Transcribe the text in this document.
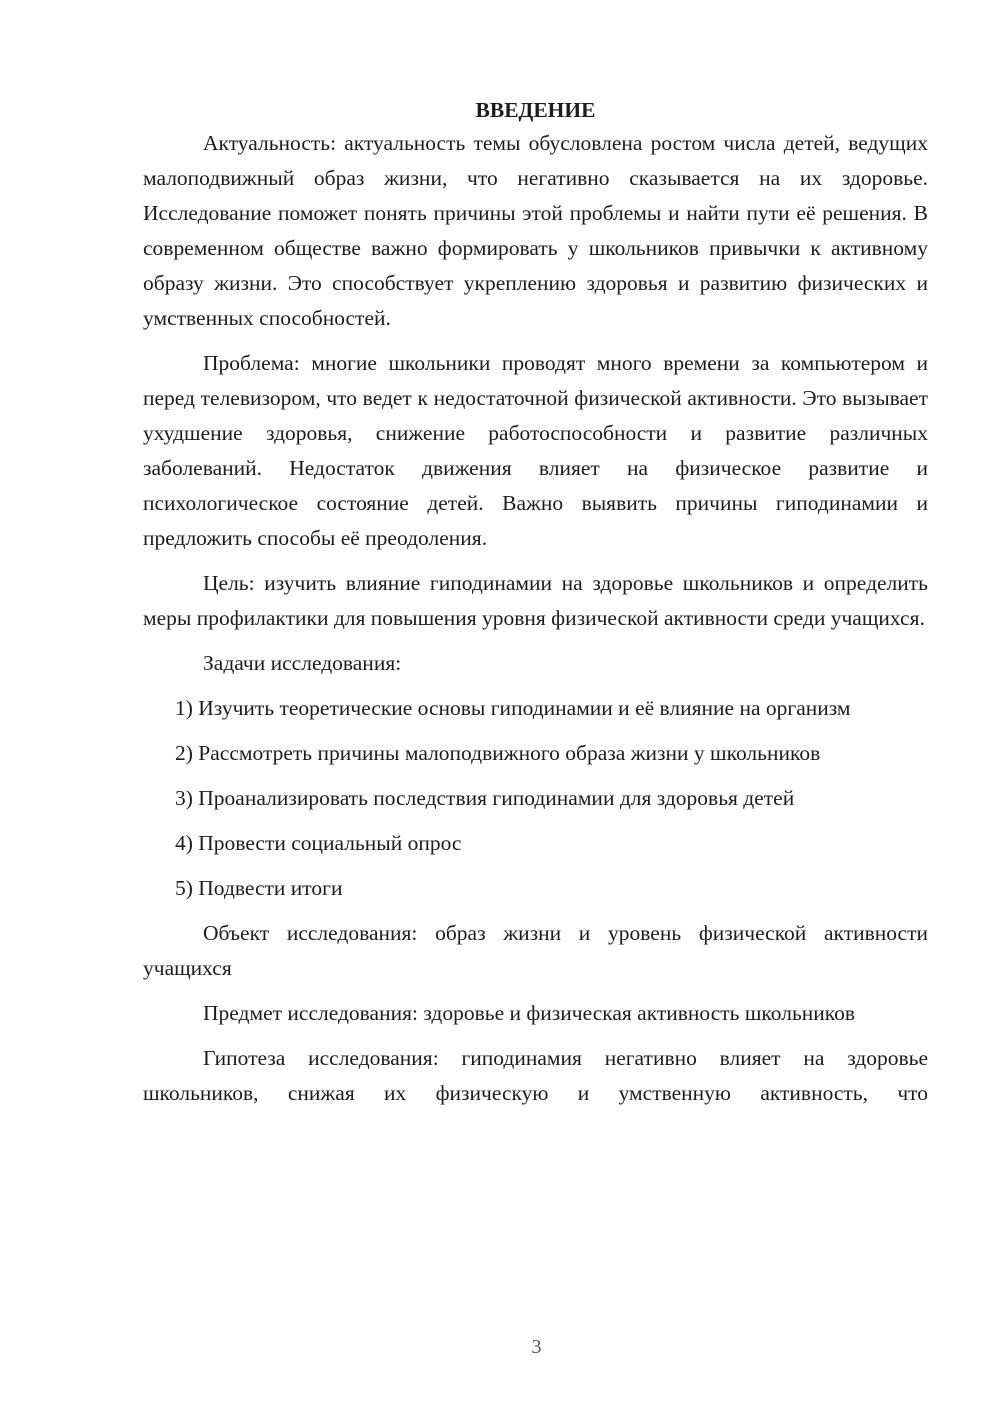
ВВЕДЕНИЕ

Актуальность: актуальность темы обусловлена ростом числа детей, ведущих малоподвижный образ жизни, что негативно сказывается на их здоровье. Исследование поможет понять причины этой проблемы и найти пути её решения. В современном обществе важно формировать у школьников привычки к активному образу жизни. Это способствует укреплению здоровья и развитию физических и умственных способностей.

Проблема: многие школьники проводят много времени за компьютером и перед телевизором, что ведет к недостаточной физической активности. Это вызывает ухудшение здоровья, снижение работоспособности и развитие различных заболеваний. Недостаток движения влияет на физическое развитие и психологическое состояние детей. Важно выявить причины гиподинамии и предложить способы её преодоления.

Цель: изучить влияние гиподинамии на здоровье школьников и определить меры профилактики для повышения уровня физической активности среди учащихся.

Задачи исследования:

1) Изучить теоретические основы гиподинамии и её влияние на организм
2) Рассмотреть причины малоподвижного образа жизни у школьников
3) Проанализировать последствия гиподинамии для здоровья детей
4) Провести социальный опрос
5) Подвести итоги

Объект исследования: образ жизни и уровень физической активности учащихся

Предмет исследования: здоровье и физическая активность школьников

Гипотеза исследования: гиподинамия негативно влияет на здоровье школьников, снижая их физическую и умственную активность, что

3
